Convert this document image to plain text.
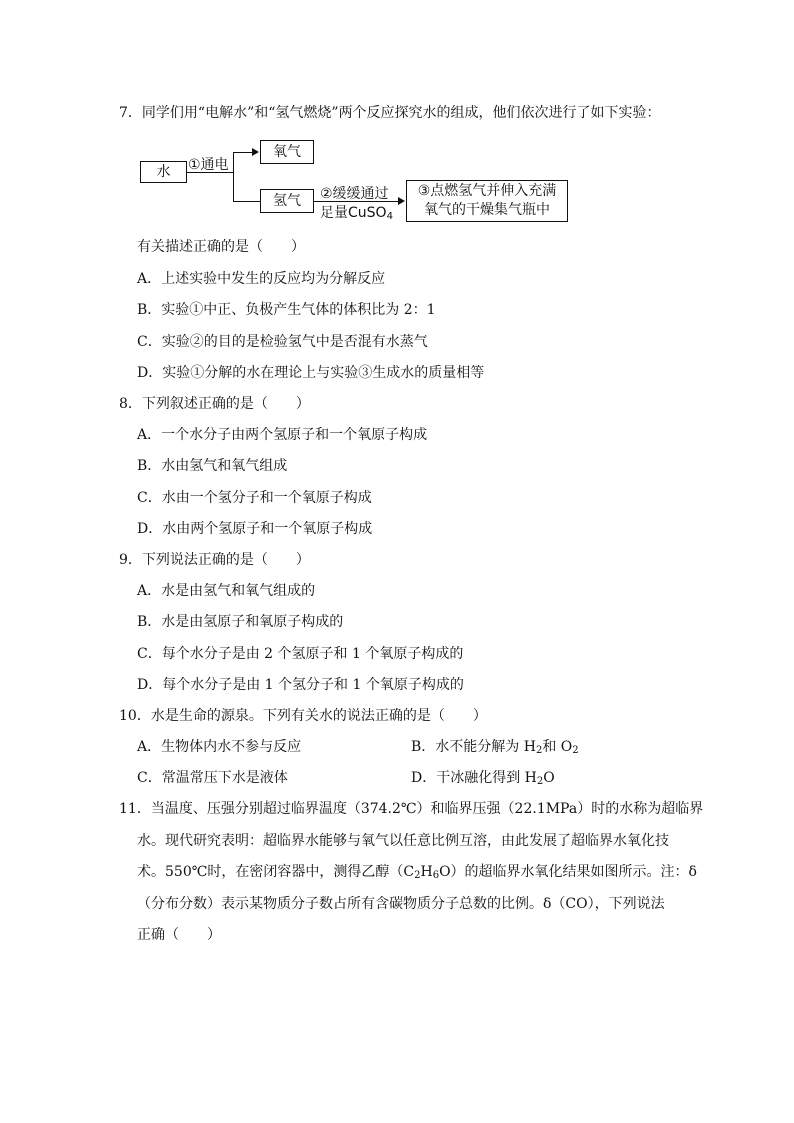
7．同学们用“电解水”和“氢气燃烧”两个反应探究水的组成，他们依次进行了如下实验：
水	①通电
氧气
氢气	②缓缓通过
足量CuSO$_4$
③点燃氢气并伸入充满
氧气的干燥集气瓶中
有关描述正确的是（　　）
A．上述实验中发生的反应均为分解反应
B．实验①中正、负极产生气体的体积比为 2：1
C．实验②的目的是检验氢气中是否混有水蒸气
D．实验①分解的水在理论上与实验③生成水的质量相等
8．下列叙述正确的是（　　）
A．一个水分子由两个氢原子和一个氧原子构成
B．水由氢气和氧气组成
C．水由一个氢分子和一个氧原子构成
D．水由两个氢原子和一个氧原子构成
9．下列说法正确的是（　　）
A．水是由氢气和氧气组成的
B．水是由氢原子和氧原子构成的
C．每个水分子是由 2 个氢原子和 1 个氧原子构成的
D．每个水分子是由 1 个氢分子和 1 个氧原子构成的
10．水是生命的源泉。下列有关水的说法正确的是（　　）
A．生物体内水不参与反应	B．水不能分解为 $H_2$和 $O_2$
C．常温常压下水是液体	D．干冰融化得到 $H_2O$
11．当温度、压强分别超过临界温度（374.2℃）和临界压强（22.1MPa）时的水称为超临界
水。现代研究表明：超临界水能够与氧气以任意比例互溶，由此发展了超临界水氧化技
术。550℃时，在密闭容器中，测得乙醇$(C_2H_6O)$的超临界水氧化结果如图所示。注：δ
（分布分数）表示某物质分子数占所有含碳物质分子总数的比例。δ（CO），下列说法
正确（　　）
